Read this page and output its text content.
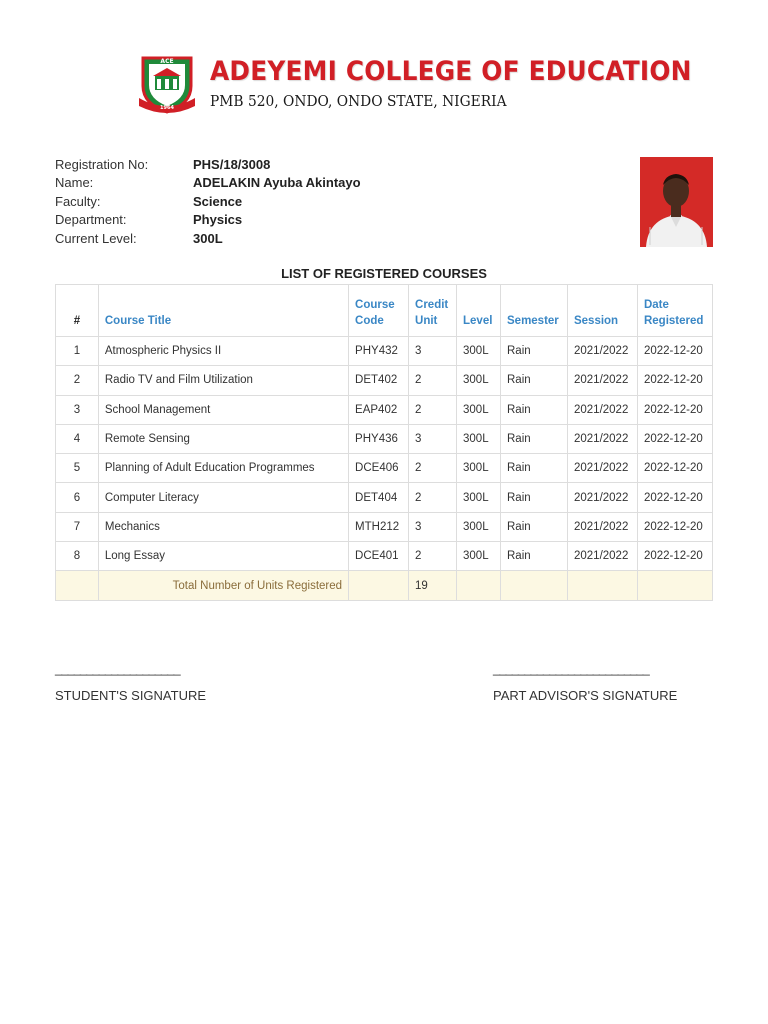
ACE
1964
ADEYEMI COLLEGE OF EDUCATION
PMB 520, ONDO, ONDO STATE, NIGERIA
Registration No:	PHS/18/3008
Name:	ADELAKIN Ayuba Akintayo
Faculty:	Science
Department:	Physics
Current Level:	300L
LIST OF REGISTERED COURSES
#	Course Title	Course Code	Credit Unit	Level	Semester	Session	Date Registered
1	Atmospheric Physics II	PHY432	3	300L	Rain	2021/2022	2022-12-20
2	Radio TV and Film Utilization	DET402	2	300L	Rain	2021/2022	2022-12-20
3	School Management	EAP402	2	300L	Rain	2021/2022	2022-12-20
4	Remote Sensing	PHY436	3	300L	Rain	2021/2022	2022-12-20
5	Planning of Adult Education Programmes	DCE406	2	300L	Rain	2021/2022	2022-12-20
6	Computer Literacy	DET404	2	300L	Rain	2021/2022	2022-12-20
7	Mechanics	MTH212	3	300L	Rain	2021/2022	2022-12-20
8	Long Essay	DCE401	2	300L	Rain	2021/2022	2022-12-20
	Total Number of Units Registered		19				
____________________
STUDENT'S SIGNATURE
_________________________
PART ADVISOR'S SIGNATURE
